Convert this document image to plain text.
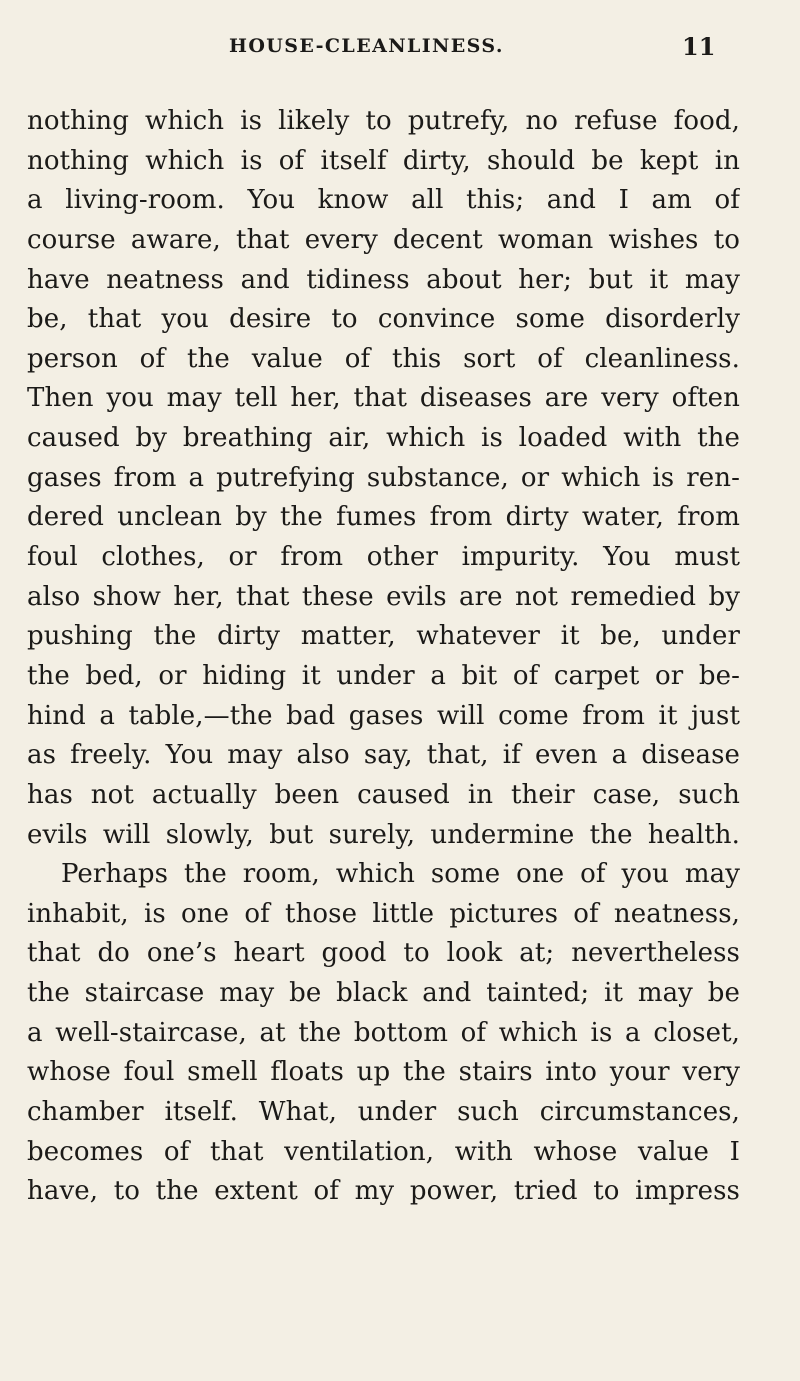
HOUSE-CLEANLINESS.	11
nothing which is likely to putrefy, no refuse food,
nothing which is of itself dirty, should be kept in
a living-room. You know all this; and I am of
course aware, that every decent woman wishes to
have neatness and tidiness about her; but it may
be, that you desire to convince some disorderly
person of the value of this sort of cleanliness.
Then you may tell her, that diseases are very often
caused by breathing air, which is loaded with the
gases from a putrefying substance, or which is ren-
dered unclean by the fumes from dirty water, from
foul clothes, or from other impurity. You must
also show her, that these evils are not remedied by
pushing the dirty matter, whatever it be, under
the bed, or hiding it under a bit of carpet or be-
hind a table,—the bad gases will come from it just
as freely. You may also say, that, if even a disease
has not actually been caused in their case, such
evils will slowly, but surely, undermine the health.
Perhaps the room, which some one of you may
inhabit, is one of those little pictures of neatness,
that do one’s heart good to look at; nevertheless
the staircase may be black and tainted; it may be
a well-staircase, at the bottom of which is a closet,
whose foul smell floats up the stairs into your very
chamber itself. What, under such circumstances,
becomes of that ventilation, with whose value I
have, to the extent of my power, tried to impress
